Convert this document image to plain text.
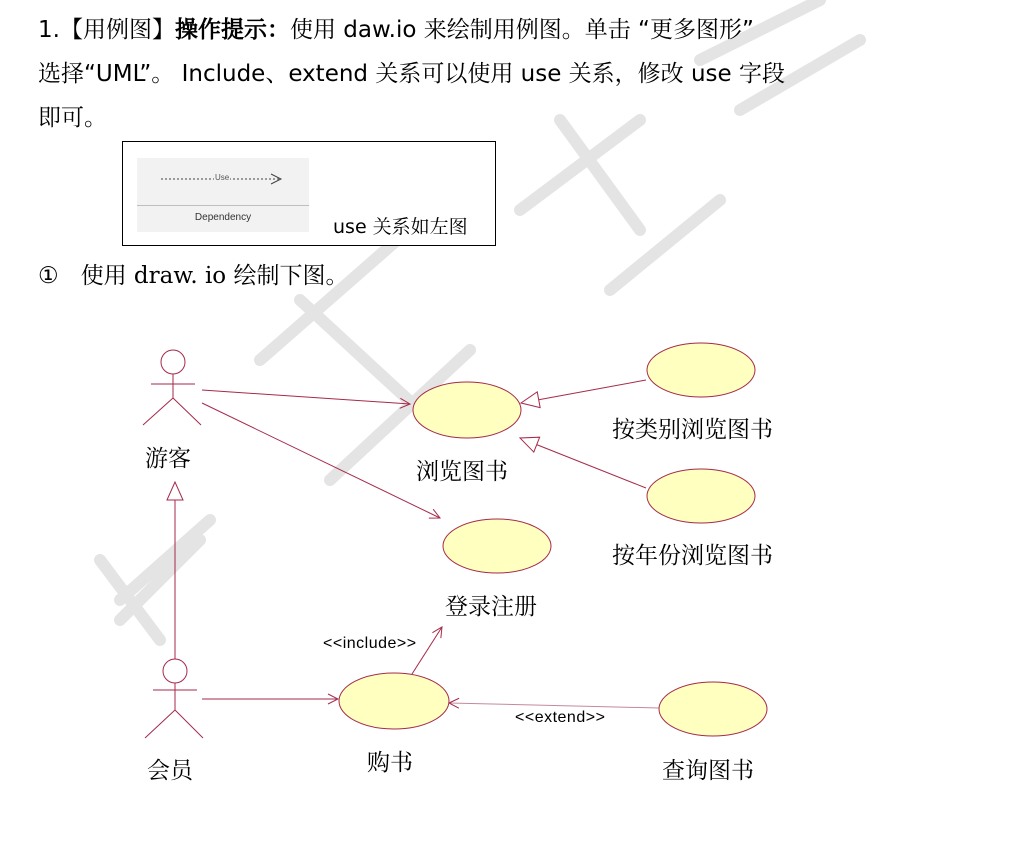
1.【用例图】操作提示：使用 daw.io 来绘制用例图。单击 “更多图形”
选择“UML”。 Include、extend 关系可以使用 use 关系，修改 use 字段
即可。
Use
Dependency	use 关系如左图
① 使用 draw. io 绘制下图。
游客
会员
浏览图书
按类别浏览图书
按年份浏览图书
登录注册
购书	查询图书
<<include>>
<<extend>>
